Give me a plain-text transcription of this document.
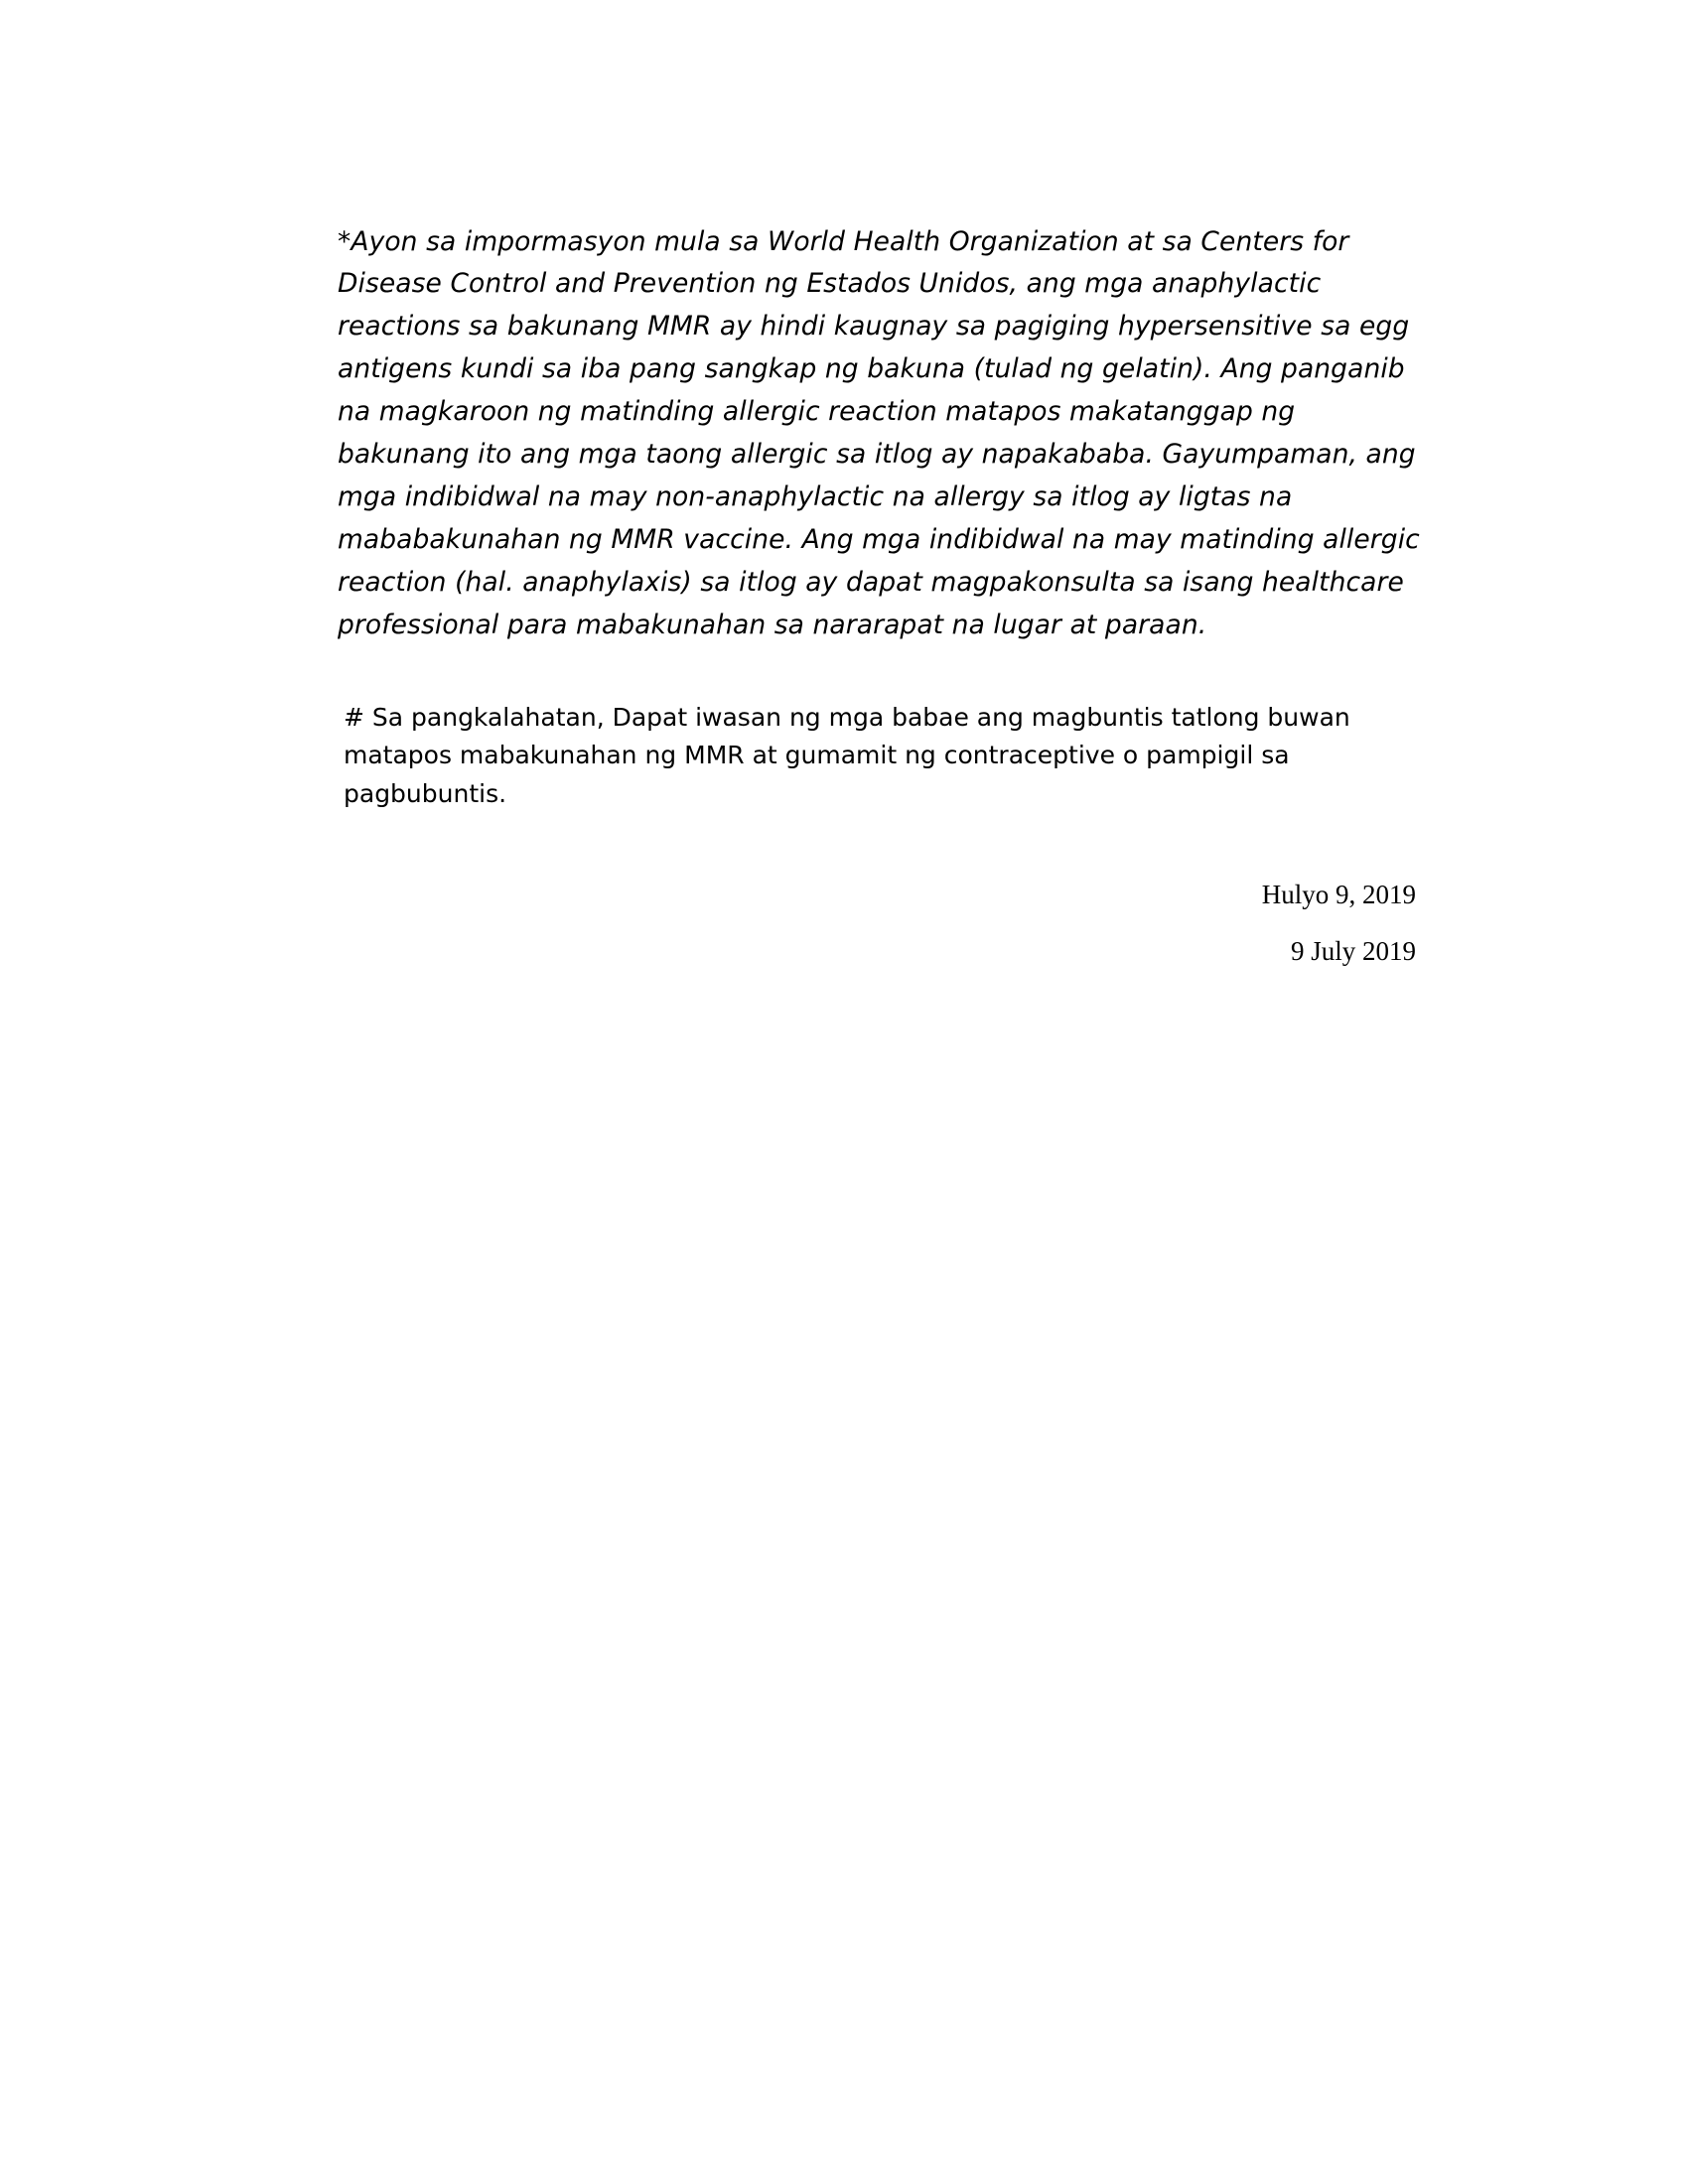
*Ayon sa impormasyon mula sa World Health Organization at sa Centers for Disease Control and Prevention ng Estados Unidos, ang mga anaphylactic reactions sa bakunang MMR ay hindi kaugnay sa pagiging hypersensitive sa egg antigens kundi sa iba pang sangkap ng bakuna (tulad ng gelatin). Ang panganib na magkaroon ng matinding allergic reaction matapos makatanggap ng bakunang ito ang mga taong allergic sa itlog ay napakababa. Gayumpaman, ang mga indibidwal na may non-anaphylactic na allergy sa itlog ay ligtas na mababakunahan ng MMR vaccine. Ang mga indibidwal na may matinding allergic reaction (hal. anaphylaxis) sa itlog ay dapat magpakonsulta sa isang healthcare professional para mabakunahan sa nararapat na lugar at paraan.

# Sa pangkalahatan, Dapat iwasan ng mga babae ang magbuntis tatlong buwan matapos mabakunahan ng MMR at gumamit ng contraceptive o pampigil sa pagbubuntis.

Hulyo 9, 2019
9 July 2019
